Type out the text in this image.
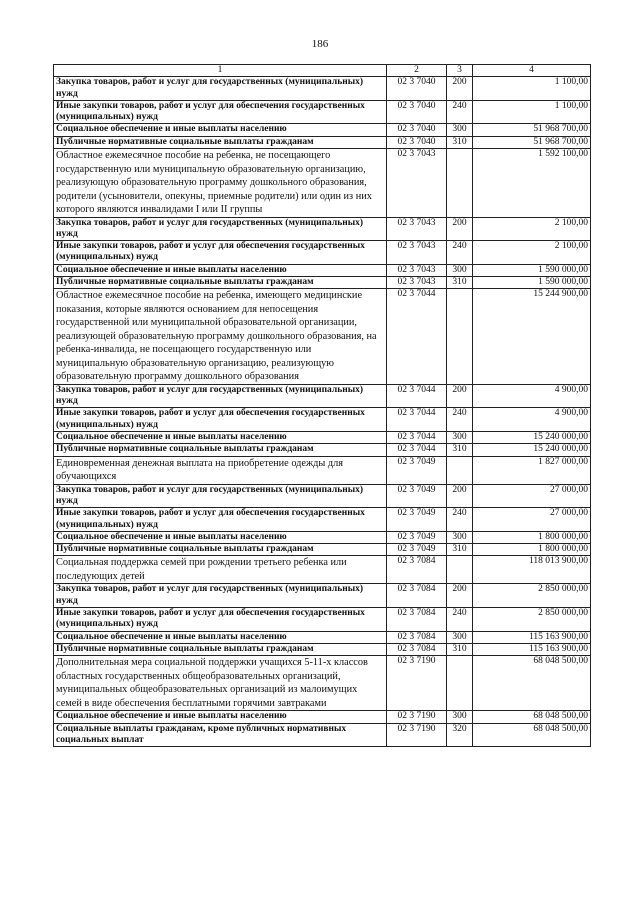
186
1	2	3	4
Закупка товаров, работ и услуг для государственных (муниципальных) нужд	02 3 7040	200	1 100,00
Иные закупки товаров, работ и услуг для обеспечения государственных (муниципальных) нужд	02 3 7040	240	1 100,00
Социальное обеспечение и иные выплаты населению	02 3 7040	300	51 968 700,00
Публичные нормативные социальные выплаты гражданам	02 3 7040	310	51 968 700,00
Областное ежемесячное пособие на ребенка, не посещающего государственную или муниципальную образовательную организацию, реализующую образовательную программу дошкольного образования, родители (усыновители, опекуны, приемные родители) или один из них которого являются инвалидами I или II группы	02 3 7043		1 592 100,00
Закупка товаров, работ и услуг для государственных (муниципальных) нужд	02 3 7043	200	2 100,00
Иные закупки товаров, работ и услуг для обеспечения государственных (муниципальных) нужд	02 3 7043	240	2 100,00
Социальное обеспечение и иные выплаты населению	02 3 7043	300	1 590 000,00
Публичные нормативные социальные выплаты гражданам	02 3 7043	310	1 590 000,00
Областное ежемесячное пособие на ребенка, имеющего медицинские показания, которые являются основанием для непосещения государственной или муниципальной образовательной организации, реализующей образовательную программу дошкольного образования, на ребенка-инвалида, не посещающего государственную или муниципальную образовательную организацию, реализующую образовательную программу дошкольного образования	02 3 7044		15 244 900,00
Закупка товаров, работ и услуг для государственных (муниципальных) нужд	02 3 7044	200	4 900,00
Иные закупки товаров, работ и услуг для обеспечения государственных (муниципальных) нужд	02 3 7044	240	4 900,00
Социальное обеспечение и иные выплаты населению	02 3 7044	300	15 240 000,00
Публичные нормативные социальные выплаты гражданам	02 3 7044	310	15 240 000,00
Единовременная денежная выплата на приобретение одежды для обучающихся	02 3 7049		1 827 000,00
Закупка товаров, работ и услуг для государственных (муниципальных) нужд	02 3 7049	200	27 000,00
Иные закупки товаров, работ и услуг для обеспечения государственных (муниципальных) нужд	02 3 7049	240	27 000,00
Социальное обеспечение и иные выплаты населению	02 3 7049	300	1 800 000,00
Публичные нормативные социальные выплаты гражданам	02 3 7049	310	1 800 000,00
Социальная поддержка семей при рождении третьего ребенка или последующих детей	02 3 7084		118 013 900,00
Закупка товаров, работ и услуг для государственных (муниципальных) нужд	02 3 7084	200	2 850 000,00
Иные закупки товаров, работ и услуг для обеспечения государственных (муниципальных) нужд	02 3 7084	240	2 850 000,00
Социальное обеспечение и иные выплаты населению	02 3 7084	300	115 163 900,00
Публичные нормативные социальные выплаты гражданам	02 3 7084	310	115 163 900,00
Дополнительная мера социальной поддержки учащихся 5-11-х классов областных государственных общеобразовательных организаций, муниципальных общеобразовательных организаций из малоимущих семей в виде обеспечения бесплатными горячими завтраками	02 3 7190		68 048 500,00
Социальное обеспечение и иные выплаты населению	02 3 7190	300	68 048 500,00
Социальные выплаты гражданам, кроме публичных нормативных социальных выплат	02 3 7190	320	68 048 500,00
